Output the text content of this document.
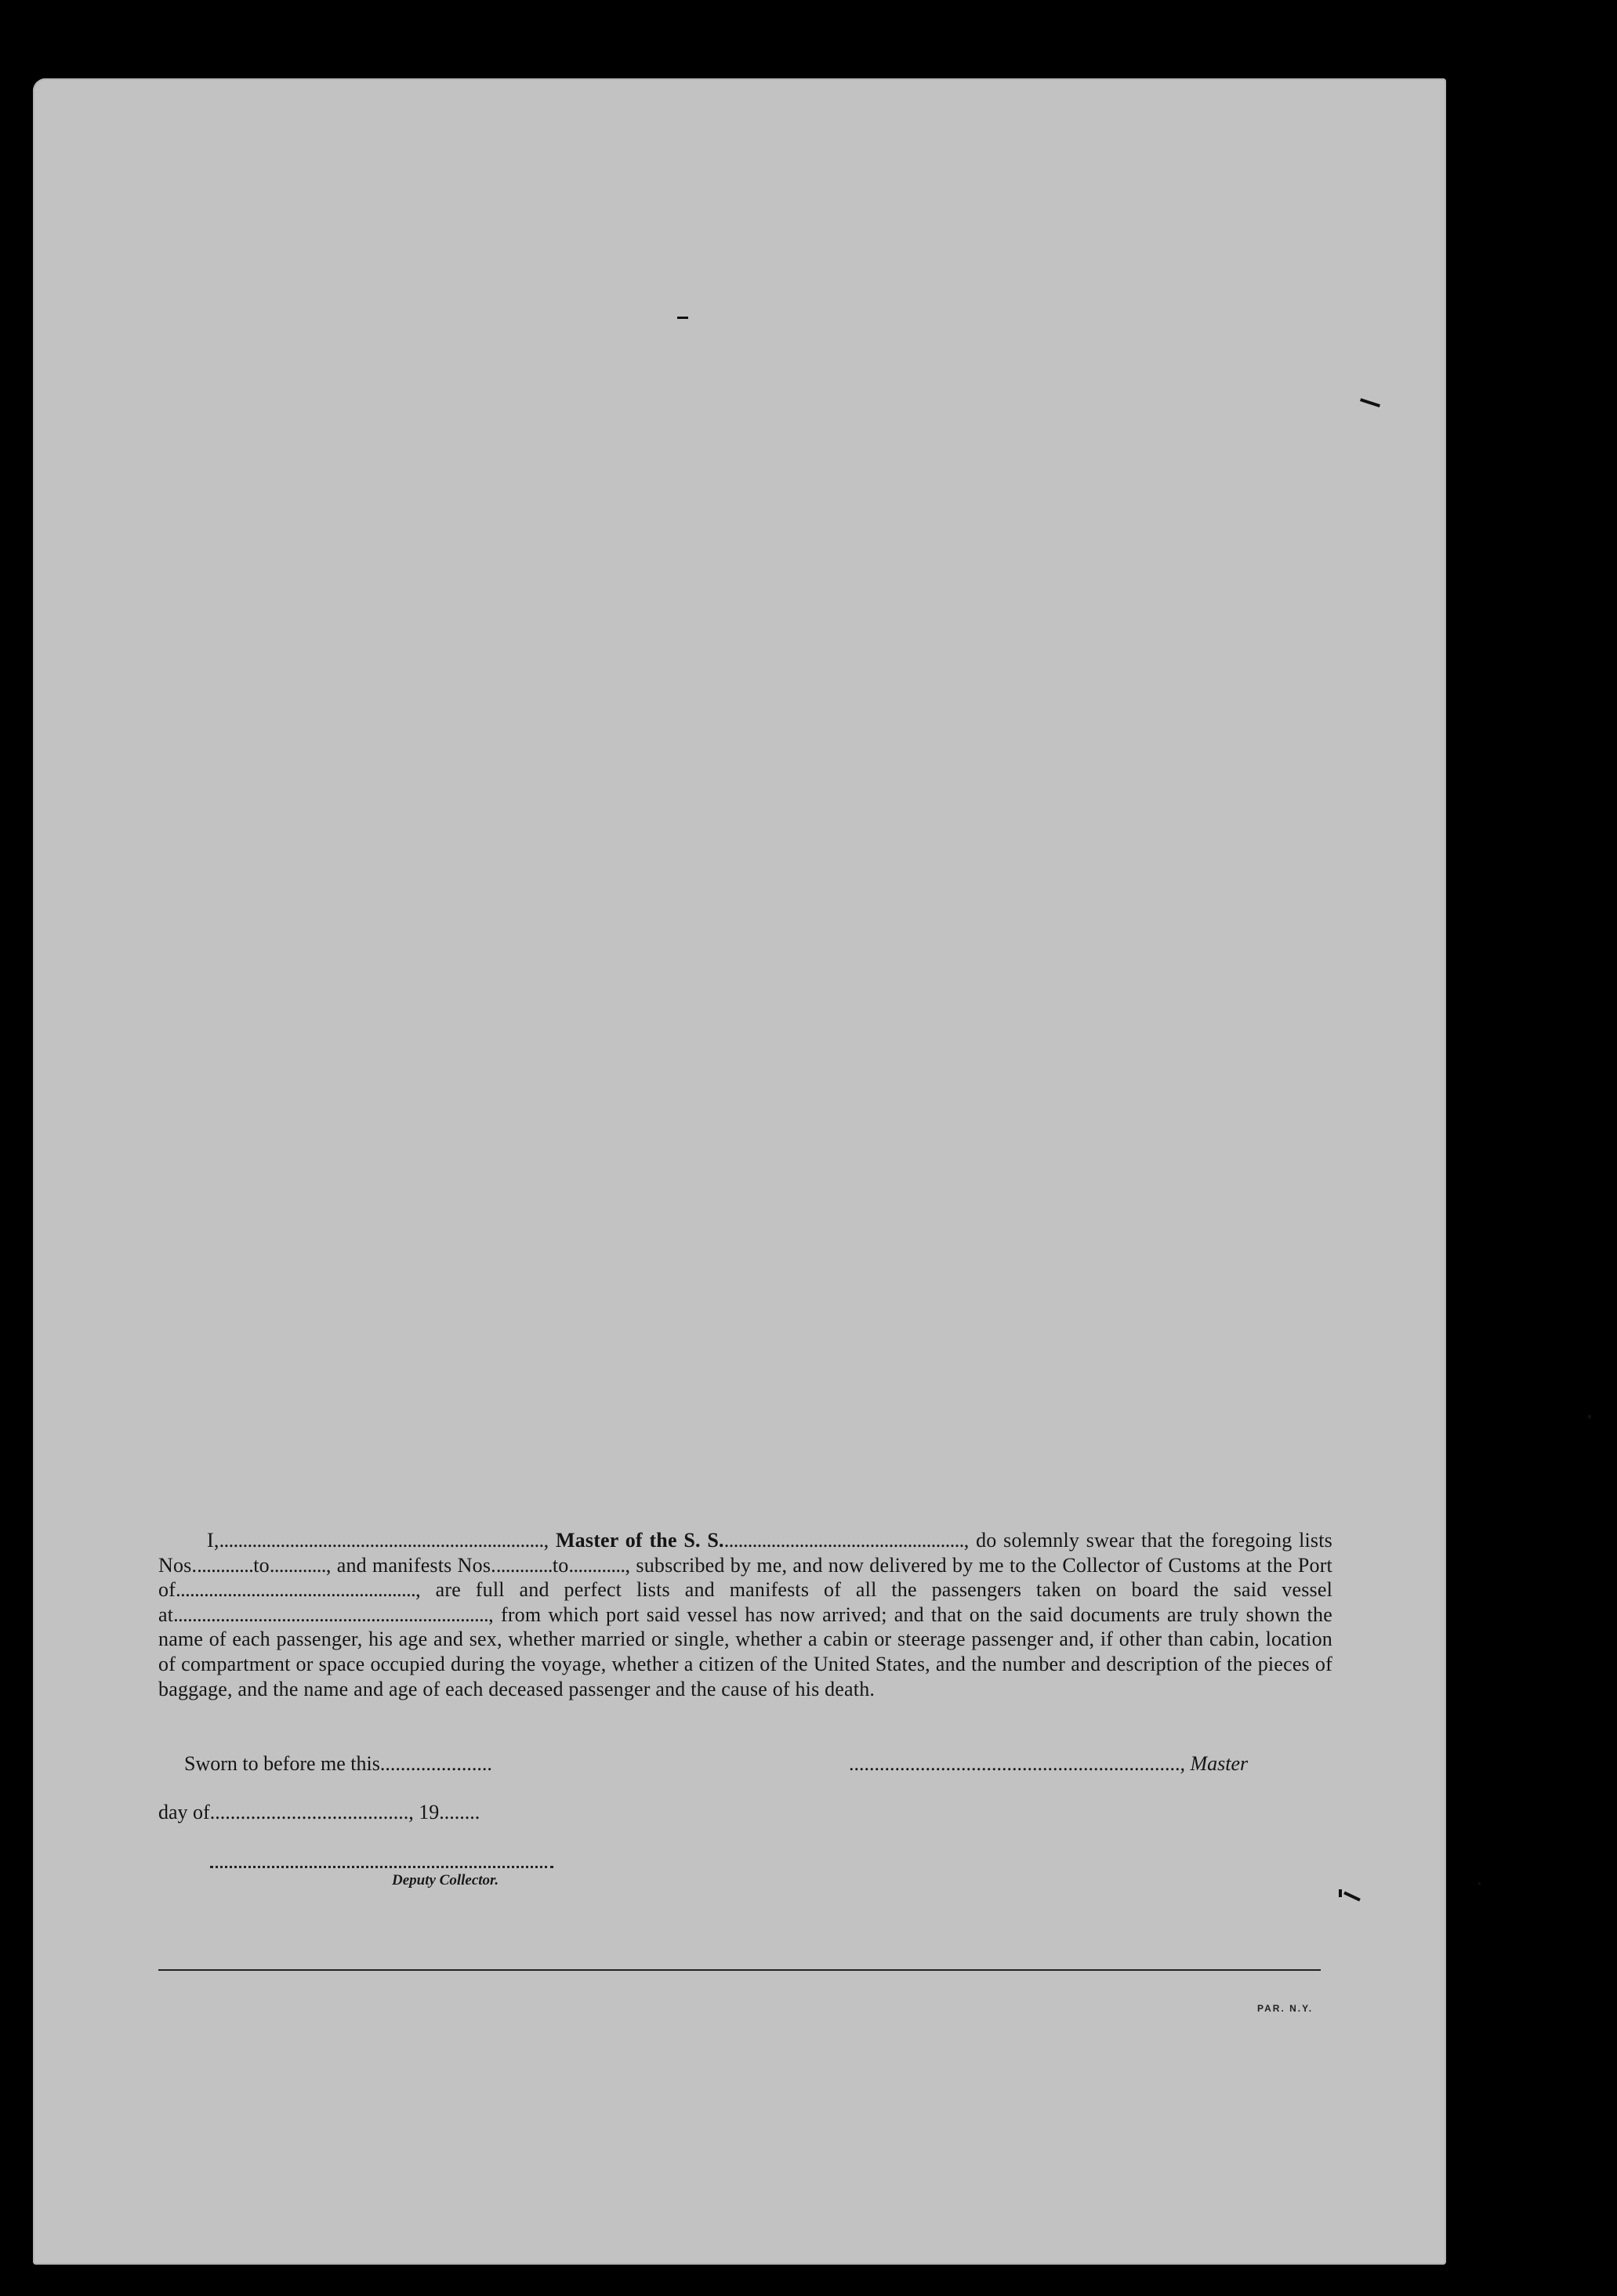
I,....................................................................., Master of the S. S...................................................., do solemnly swear that the foregoing lists Nos.............to............, and manifests Nos.............to............, subscribed by me, and now delivered by me to the Collector of Customs at the Port of..................................................., are full and perfect lists and manifests of all the passengers taken on board the said vessel at..................................................................., from which port said vessel has now arrived; and that on the said documents are truly shown the name of each passenger, his age and sex, whether married or single, whether a cabin or steerage passenger and, if other than cabin, location of compartment or space occupied during the voyage, whether a citizen of the United States, and the number and description of the pieces of baggage, and the name and age of each deceased passenger and the cause of his death.

Sworn to before me this......................	................................................................., Master
day of......................................., 19........
Deputy Collector.
PAR. N.Y.
